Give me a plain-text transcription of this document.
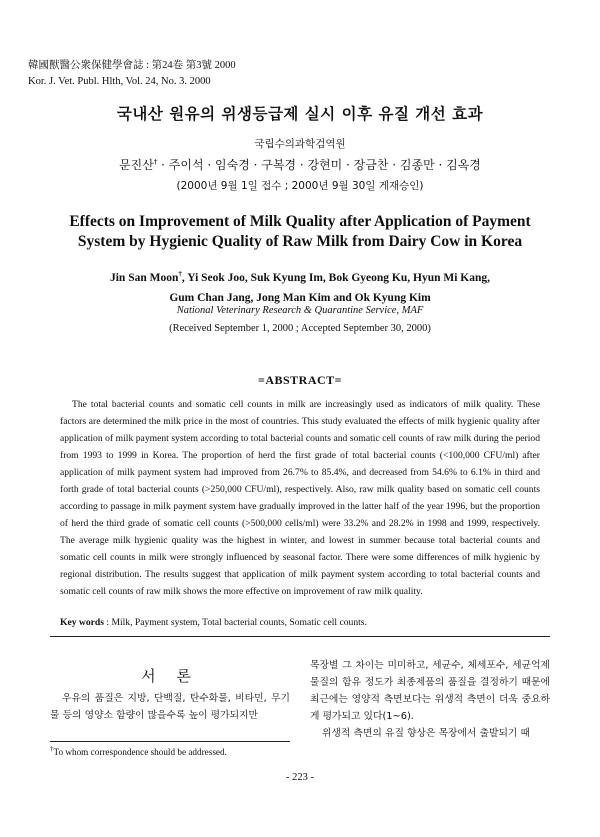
韓國獸醫公衆保健學會誌 : 第24卷 第3號 2000
Kor. J. Vet. Publ. Hlth, Vol. 24, No. 3. 2000
국내산 원유의 위생등급제 실시 이후 유질 개선 효과
국립수의과학검역원
문진산† · 주이석 · 임숙경 · 구복경 · 강현미 · 장금찬 · 김종만 · 김옥경
(2000년 9월 1일 접수 ; 2000년 9월 30일 게재승인)
Effects on Improvement of Milk Quality after Application of Payment
System by Hygienic Quality of Raw Milk from Dairy Cow in Korea
Jin San Moon†, Yi Seok Joo, Suk Kyung Im, Bok Gyeong Ku, Hyun Mi Kang,
Gum Chan Jang, Jong Man Kim and Ok Kyung Kim
National Veterinary Research & Quarantine Service, MAF
(Received September 1, 2000 ; Accepted September 30, 2000)
=ABSTRACT=
The total bacterial counts and somatic cell counts in milk are increasingly used as indicators of milk quality. These factors are determined the milk price in the most of countries. This study evaluated the effects of milk hygienic quality after application of milk payment system according to total bacterial counts and somatic cell counts of raw milk during the period from 1993 to 1999 in Korea. The proportion of herd the first grade of total bacterial counts (<100,000 CFU/ml) after application of milk payment system had improved from 26.7% to 85.4%, and decreased from 54.6% to 6.1% in third and forth grade of total bacterial counts (>250,000 CFU/ml), respectively. Also, raw milk quality based on somatic cell counts according to passage in milk payment system have gradually improved in the latter half of the year 1996, but the proportion of herd the third grade of somatic cell counts (>500,000 cells/ml) were 33.2% and 28.2% in 1998 and 1999, respectively. The average milk hygienic quality was the highest in winter, and lowest in summer because total bacterial counts and somatic cell counts in milk were strongly influenced by seasonal factor. There were some differences of milk hygienic by regional distribution. The results suggest that application of milk payment system according to total bacterial counts and somatic cell counts of raw milk shows the more effective on improvement of raw milk quality.
Key words : Milk, Payment system, Total bacterial counts, Somatic cell counts.
서 론
우유의 품질은 지방, 단백질, 탄수화물, 비타민, 무기물 등의 영양소 함량이 많을수록 높이 평가되지만

목장별 그 차이는 미미하고, 세균수, 체세포수, 세균억제물질의 함유 정도가 최종제품의 품질을 결정하기 때문에 최근에는 영양적 측면보다는 위생적 측면이 더욱 중요하게 평가되고 있다(1~6).

위생적 측면의 유질 향상은 목장에서 출발되기 때

†To whom correspondence should be addressed.
- 223 -
